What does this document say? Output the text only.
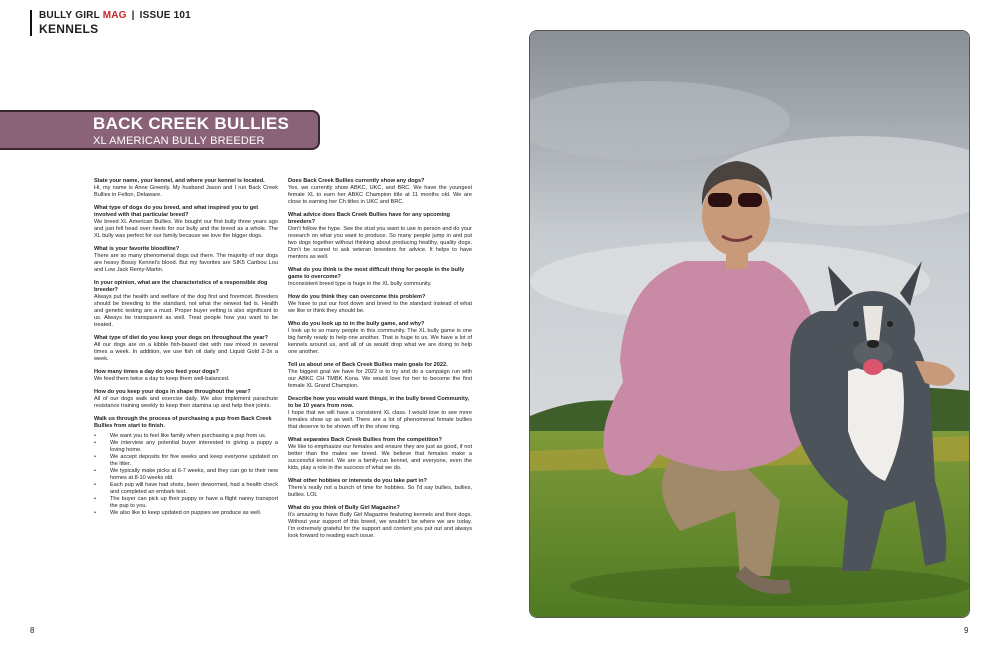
BULLY GIRL MAG | ISSUE 101
KENNELS
BACK CREEK BULLIES
XL AMERICAN BULLY BREEDER
State your name, your kennel, and where your kennel is located.
Hi, my name is Anne Greenly. My husband Jason and I run Back Creek Bullies in Felton, Delaware.
What type of dogs do you breed, and what inspired you to get involved with that particular breed?
We breed XL American Bullies. We bought our first bully three years ago and just fell head over heels for our bully and the breed as a whole. The XL bully was perfect for our family because we love the bigger dogs.
What is your favorite bloodline?
There are so many phenomenal dogs out there. The majority of our dogs are heavy Bossy Kennel's blood. But my favorites are SIK5 Caribou Lou and Low Jack Remy-Martin.
In your opinion, what are the characteristics of a responsible dog breeder?
Always put the health and welfare of the dog first and foremost. Breeders should be breeding to the standard, not what the newest fad is. Health and genetic testing are a must. Proper buyer vetting is also significant to us. Always be transparent as well. Treat people how you want to be treated.
What type of diet do you keep your dogs on throughout the year?
All our dogs are on a kibble fish-based diet with raw mixed in several times a week. In addition, we use fish oil daily and Liquid Gold 2-3x a week.
How many times a day do you feed your dogs?
We feed them twice a day to keep them well-balanced.
How do you keep your dogs in shape throughout the year?
All of our dogs walk and exercise daily. We also implement parachute resistance training weekly to keep their stamina up and help their joints.
Walk us through the process of purchasing a pup from Back Creek Bullies from start to finish.
• We want you to feel like family when purchasing a pup from us.
• We interview any potential buyer interested in giving a puppy a loving home.
• We accept deposits for five weeks and keep everyone updated on the litter.
• We typically make picks at 6-7 weeks, and they can go to their new homes at 8-10 weeks old.
• Each pup will have had shots, been dewormed, had a health check and completed an embark test.
• The buyer can pick up their puppy or have a flight nanny transport the pup to you.
• We also like to keep updated on puppies we produce as well.
Does Back Creek Bullies currently show any dogs?
Yes, we currently show ABKC, UKC, and BRC. We have the youngest female XL to earn her ABKC Champion title at 11 months old. We are close to earning her Ch titles in UKC and BRC.
What advice does Back Creek Bullies have for any upcoming breeders?
Don't follow the hype. See the stud you want to use in person and do your research on what you want to produce. So many people jump in and put two dogs together without thinking about producing healthy, quality dogs. Don't be scared to ask veteran breeders for advice. It helps to have mentors as well.
What do you think is the most difficult thing for people in the bully game to overcome?
Inconsistent breed type is huge in the XL bully community.
How do you think they can overcome this problem?
We have to put our foot down and breed to the standard instead of what we like or think they should be.
Who do you look up to in the bully game, and why?
I look up to so many people in this community. The XL bully game is one big family ready to help one another. That is huge to us. We have a lot of kennels around us, and all of us would drop what we are doing to help one another.
Tell us about one of Back Creek Bullies main goals for 2022.
The biggest goal we have for 2022 is to try and do a campaign run with our ABKC CH TMBK Kona. We would love for her to become the first female XL Grand Champion.
Describe how you would want things, in the bully breed Community, to be 10 years from now.
I hope that we will have a consistent XL class. I would love to see more females show up as well. There are a lot of phenomenal female bullies that deserve to be shown off in the show ring.
What separates Back Creek Bullies from the competition?
We like to emphasize our females and ensure they are just as good, if not better than the males we breed. We believe that females make a successful kennel. We are a family-run kennel, and everyone, even the kids, play a role in the success of what we do.
What other hobbies or interests do you take part in?
There's really not a bunch of time for hobbies. So I'd say bullies, bullies, bullies. LOL
What do you think of Bully Girl Magazine?
It's amazing to have Bully Girl Magazine featuring kennels and their dogs. Without your support of this breed, we wouldn't be where we are today. I'm extremely grateful for the support and content you put out and always look forward to reading each issue.
8	9
